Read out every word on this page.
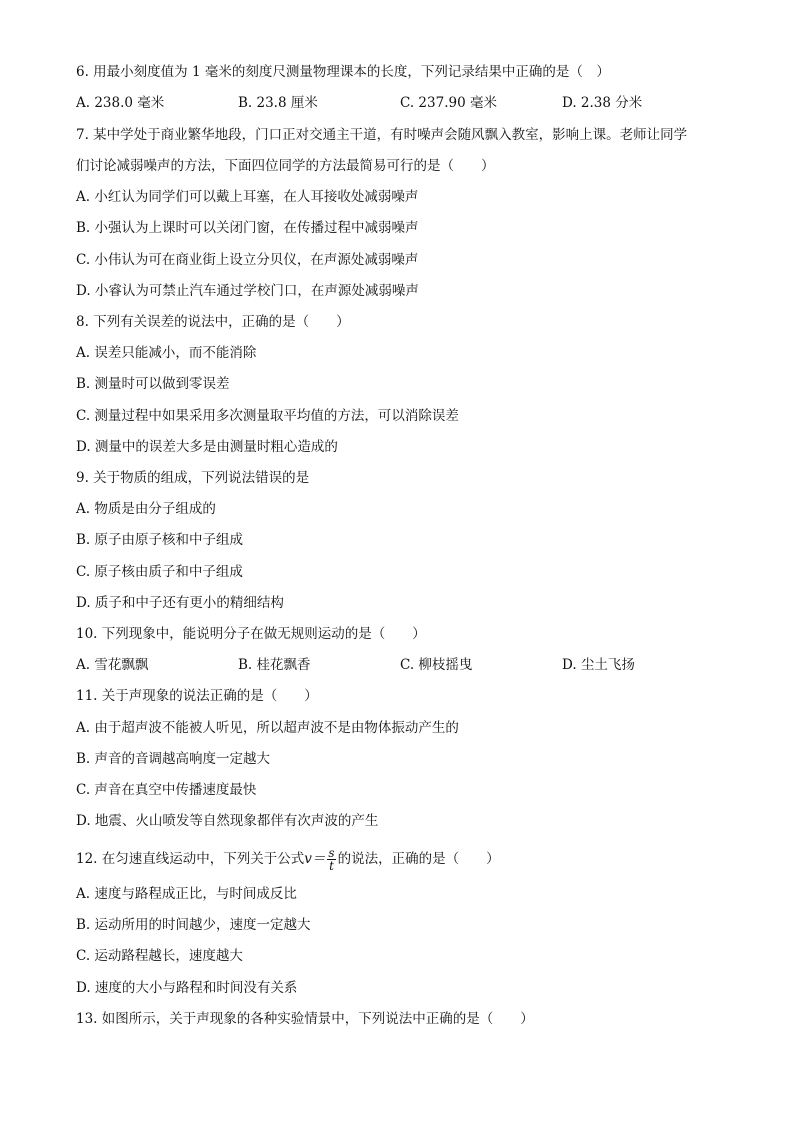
6. 用最小刻度值为 1 毫米的刻度尺测量物理课本的长度，下列记录结果中正确的是（　）
A. 238.0 毫米	B. 23.8 厘米	C. 237.90 毫米	D. 2.38 分米
7. 某中学处于商业繁华地段，门口正对交通主干道，有时噪声会随风飘入教室，影响上课。老师让同学
们讨论减弱噪声的方法，下面四位同学的方法最简易可行的是（　　）
A. 小红认为同学们可以戴上耳塞，在人耳接收处减弱噪声
B. 小强认为上课时可以关闭门窗，在传播过程中减弱噪声
C. 小伟认为可在商业街上设立分贝仪，在声源处减弱噪声
D. 小睿认为可禁止汽车通过学校门口，在声源处减弱噪声
8. 下列有关误差的说法中，正确的是（　　）
A. 误差只能减小，而不能消除
B. 测量时可以做到零误差
C. 测量过程中如果采用多次测量取平均值的方法，可以消除误差
D. 测量中的误差大多是由测量时粗心造成的
9. 关于物质的组成，下列说法错误的是
A. 物质是由分子组成的
B. 原子由原子核和中子组成
C. 原子核由质子和中子组成
D. 质子和中子还有更小的精细结构
10. 下列现象中，能说明分子在做无规则运动的是（　　）
A. 雪花飘飘	B. 桂花飘香	C. 柳枝摇曳	D. 尘土飞扬
11. 关于声现象的说法正确的是（　　）
A. 由于超声波不能被人听见，所以超声波不是由物体振动产生的
B. 声音的音调越高响度一定越大
C. 声音在真空中传播速度最快
D. 地震、火山喷发等自然现象都伴有次声波的产生
12. 在匀速直线运动中，下列关于公式$v= \frac{s}{t}$ 的说法，正确的是（　　）
A. 速度与路程成正比，与时间成反比
B. 运动所用的时间越少，速度一定越大
C. 运动路程越长，速度越大
D. 速度的大小与路程和时间没有关系
13. 如图所示，关于声现象的各种实验情景中，下列说法中正确的是（　　）
